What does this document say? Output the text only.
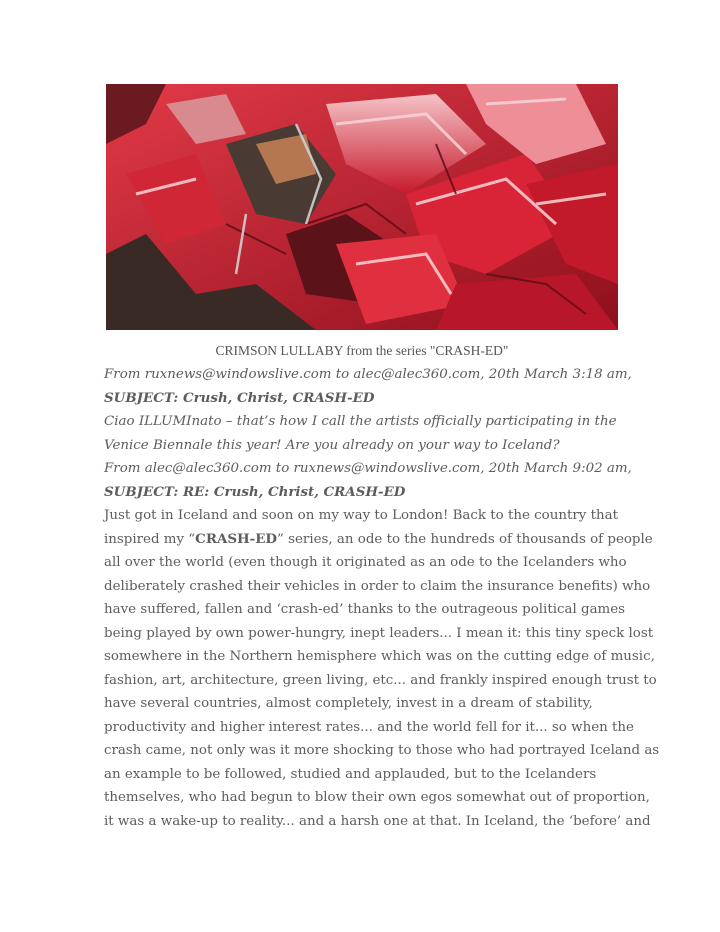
CRIMSON LULLABY from the series "CRASH-ED"
From ruxnews@windowslive.com to alec@alec360.com, 20th March 3:18 am,
SUBJECT: Crush, Christ, CRASH-ED
Ciao ILLUMInato – that’s how I call the artists officially participating in the
Venice Biennale this year! Are you already on your way to Iceland?
From alec@alec360.com to ruxnews@windowslive.com, 20th March 9:02 am,
SUBJECT: RE: Crush, Christ, CRASH-ED
Just got in Iceland and soon on my way to London! Back to the country that
inspired my “CRASH-ED” series, an ode to the hundreds of thousands of people
all over the world (even though it originated as an ode to the Icelanders who
deliberately crashed their vehicles in order to claim the insurance benefits) who
have suffered, fallen and ‘crash-ed’ thanks to the outrageous political games
being played by own power-hungry, inept leaders... I mean it: this tiny speck lost
somewhere in the Northern hemisphere which was on the cutting edge of music,
fashion, art, architecture, green living, etc... and frankly inspired enough trust to
have several countries, almost completely, invest in a dream of stability,
productivity and higher interest rates... and the world fell for it... so when the
crash came, not only was it more shocking to those who had portrayed Iceland as
an example to be followed, studied and applauded, but to the Icelanders
themselves, who had begun to blow their own egos somewhat out of proportion,
it was a wake-up to reality... and a harsh one at that. In Iceland, the ‘before’ and
